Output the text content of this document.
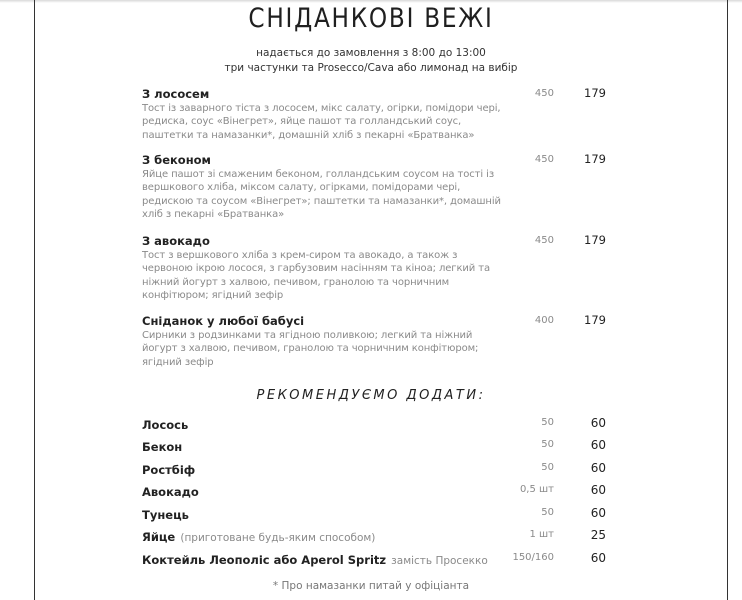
СНІДАНКОВІ ВЕЖІ
надається до замовлення з 8:00 до 13:00
три частунки та Prosecco/Cava або лимонад на вибір
З лососем
Тост із заварного тіста з лососем, мікс салату, огірки, помідори чері, редиска, соус «Вінегрет», яйце пашот та голландський соус, паштетки та намазанки*, домашній хліб з пекарні «Братванка»
450	179
З беконом
Яйце пашот зі смаженим беконом, голландським соусом на тості із вершкового хліба, міксом салату, огірками, помідорами чері, редискою та соусом «Вінегрет»; паштетки та намазанки*, домашній хліб з пекарні «Братванка»
450	179
З авокадо
Тост з вершкового хліба з крем-сиром та авокадо, а також з червоною ікрою лосося, з гарбузовим насінням та кіноа; легкий та ніжний йогурт з халвою, печивом, гранолою та чорничним конфітюром; ягідний зефір
450	179
Сніданок у любої бабусі
Сирники з родзинками та ягідною поливкою; легкий та ніжний йогурт з халвою, печивом, гранолою та чорничним конфітюром; ягідний зефір
400	179
РЕКОМЕНДУЄМО ДОДАТИ:
Лосось	50	60
Бекон	50	60
Ростбіф	50	60
Авокадо	0,5 шт	60
Тунець	50	60
Яйце (приготоване будь-яким способом)	1 шт	25
Коктейль Леополіс або Aperol Spritz замість Просекко 150/160	60
* Про намазанки питай у офіціанта
